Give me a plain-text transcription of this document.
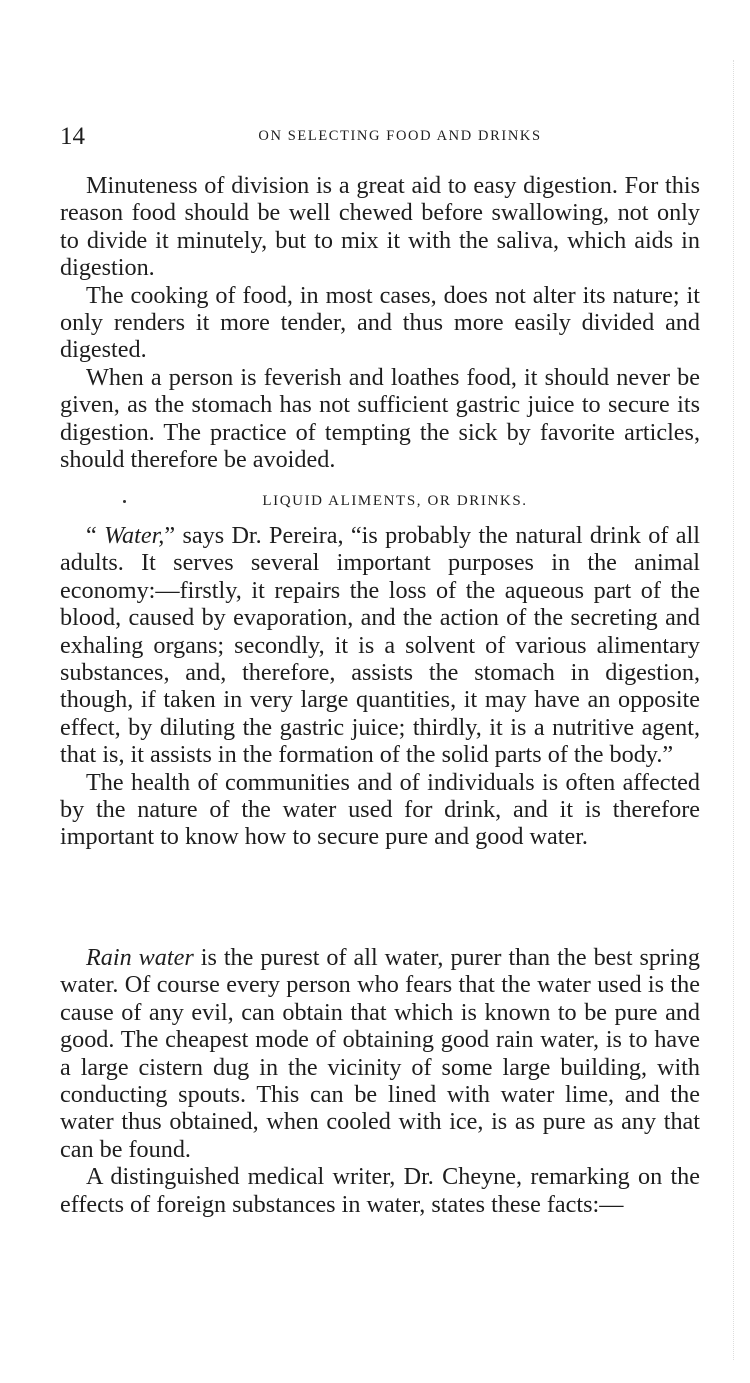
14	ON SELECTING FOOD AND DRINKS

Minuteness of division is a great aid to easy digestion. For this reason food should be well chewed before swallowing, not only to divide it minutely, but to mix it with the saliva, which aids in digestion.

The cooking of food, in most cases, does not alter its nature; it only renders it more tender, and thus more easily divided and digested.

When a person is feverish and loathes food, it should never be given, as the stomach has not sufficient gastric juice to secure its digestion. The practice of tempting the sick by favorite articles, should therefore be avoided.

LIQUID ALIMENTS, OR DRINKS.

“ Water,” says Dr. Pereira, “is probably the natural drink of all adults. It serves several important purposes in the animal economy:—firstly, it repairs the loss of the aqueous part of the blood, caused by evaporation, and the action of the secreting and exhaling organs; secondly, it is a solvent of various alimentary substances, and, therefore, assists the stomach in digestion, though, if taken in very large quantities, it may have an opposite effect, by diluting the gastric juice; thirdly, it is a nutritive agent, that is, it assists in the formation of the solid parts of the body.”

The health of communities and of individuals is often affected by the nature of the water used for drink, and it is therefore important to know how to secure pure and good water.

Rain water is the purest of all water, purer than the best spring water. Of course every person who fears that the water used is the cause of any evil, can obtain that which is known to be pure and good. The cheapest mode of obtaining good rain water, is to have a large cistern dug in the vicinity of some large building, with conducting spouts. This can be lined with water lime, and the water thus obtained, when cooled with ice, is as pure as any that can be found.

A distinguished medical writer, Dr. Cheyne, remarking on the effects of foreign substances in water, states these facts:—
